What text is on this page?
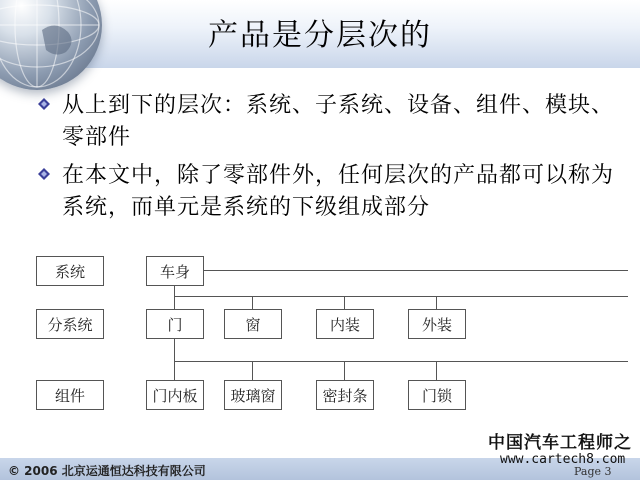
产品是分层次的
从上到下的层次：系统、子系统、设备、组件、模块、零部件
在本文中，除了零部件外，任何层次的产品都可以称为系统，而单元是系统的下级组成部分
系统
分系统
组件
车身
门	窗	内装	外装
门内板	玻璃窗	密封条	门锁
中国汽车工程师之
www.cartech8.com
© 2006 北京运通恒达科技有限公司	Page 3
